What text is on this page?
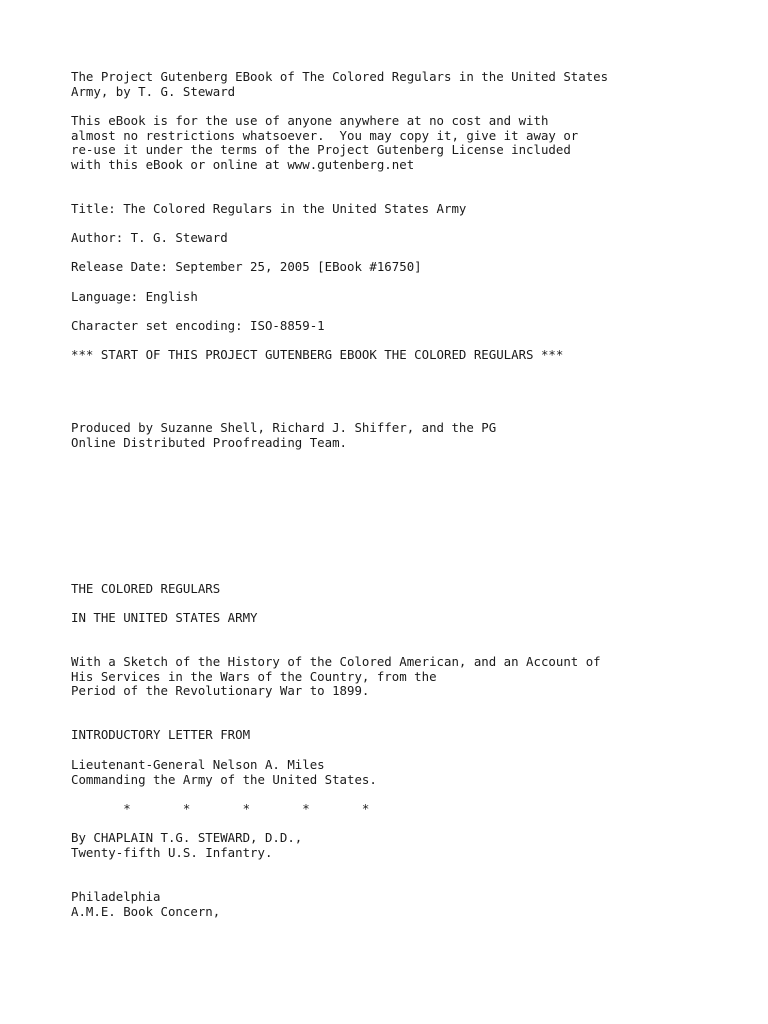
The Project Gutenberg EBook of The Colored Regulars in the United States
Army, by T. G. Steward
This eBook is for the use of anyone anywhere at no cost and with
almost no restrictions whatsoever.  You may copy it, give it away or
re-use it under the terms of the Project Gutenberg License included
with this eBook or online at www.gutenberg.net
Title: The Colored Regulars in the United States Army
Author: T. G. Steward
Release Date: September 25, 2005 [EBook #16750]
Language: English
Character set encoding: ISO-8859-1
*** START OF THIS PROJECT GUTENBERG EBOOK THE COLORED REGULARS ***
Produced by Suzanne Shell, Richard J. Shiffer, and the PG
Online Distributed Proofreading Team.
THE COLORED REGULARS
IN THE UNITED STATES ARMY
With a Sketch of the History of the Colored American, and an Account of
His Services in the Wars of the Country, from the
Period of the Revolutionary War to 1899.
INTRODUCTORY LETTER FROM
Lieutenant-General Nelson A. Miles
Commanding the Army of the United States.
*       *       *       *       *
By CHAPLAIN T.G. STEWARD, D.D.,
Twenty-fifth U.S. Infantry.
Philadelphia
A.M.E. Book Concern,
